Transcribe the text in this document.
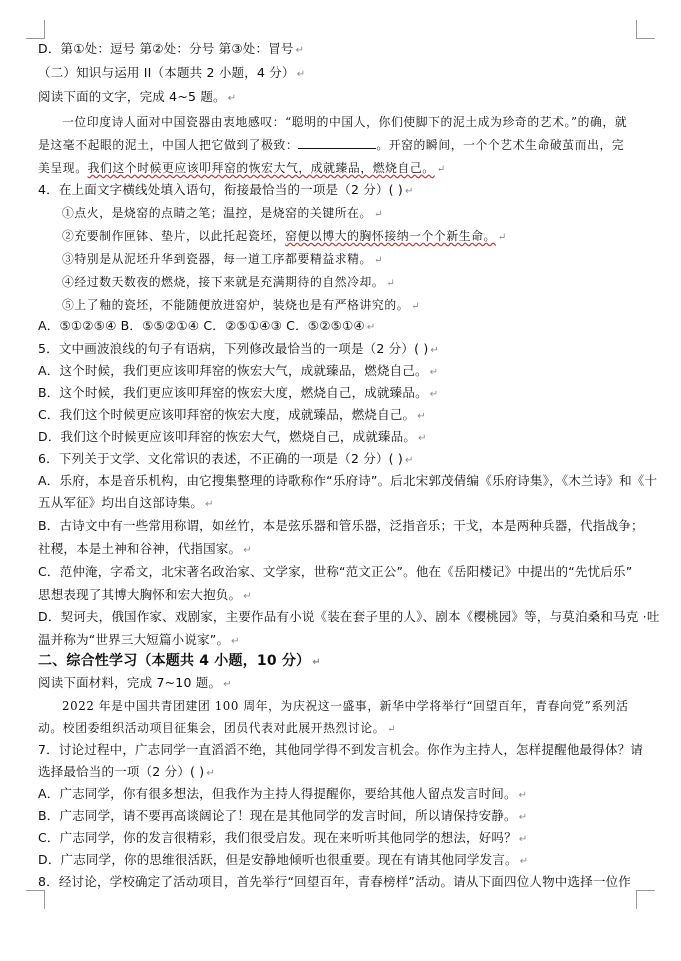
D．第①处：逗号 第②处：分号 第③处：冒号 ↵
（二）知识与运用 II（本题共 2 小题，4 分） ↵
阅读下面的文字，完成 4~5 题。 ↵
一位印度诗人面对中国瓷器由衷地感叹：“聪明的中国人，你们使脚下的泥土成为珍奇的艺术。”的确，就
是这毫不起眼的泥土，中国人把它做到了极致：	。开窑的瞬间，一个个艺术生命破茧而出，完
美呈现。我们这个时候更应该叩拜窑的恢宏大气，成就臻品，燃烧自己。 ↵
4．在上面文字横线处填入语句，衔接最恰当的一项是（2 分）( ) ↵
①点火，是烧窑的点睛之笔；温控，是烧窑的关键所在。 ↵
②充要制作匣钵、垫片，以此托起瓷坯，窑便以博大的胸怀接纳一个个新生命。 ↵
③特别是从泥坯升华到瓷器，每一道工序都要精益求精。 ↵
④经过数天数夜的燃烧，接下来就是充满期待的自然冷却。 ↵
⑤上了釉的瓷坯，不能随便放进窑炉，装烧也是有严格讲究的。 ↵
A．⑤①②⑤④ B．⑤⑤②①④ C．②⑤①④③ C．⑤②⑤①④ ↵
5．文中画波浪线的句子有语病，下列修改最恰当的一项是（2 分）( ) ↵
A．这个时候，我们更应该叩拜窑的恢宏大气，成就臻品，燃烧自己。 ↵
B．这个时候，我们更应该叩拜窑的恢宏大度，燃烧自己，成就臻品。 ↵
C．我们这个时候更应该叩拜窑的恢宏大度，成就臻品，燃烧自己。 ↵
D．我们这个时候更应该叩拜窑的恢宏大气，燃烧自己，成就臻品。 ↵
6．下列关于文学、文化常识的表述，不正确的一项是（2 分）( ) ↵
A．乐府，本是音乐机构，由它搜集整理的诗歌称作“乐府诗”。后北宋郭茂倩编《乐府诗集》，《木兰诗》和《十
五从军征》均出自这部诗集。 ↵
B．古诗文中有一些常用称谓，如丝竹，本是弦乐器和管乐器，泛指音乐；干戈，本是两种兵器，代指战争；
社稷，本是土神和谷神，代指国家。 ↵
C．范仲淹，字希文，北宋著名政治家、文学家，世称“范文正公”。他在《岳阳楼记》中提出的“先忧后乐”
思想表现了其博大胸怀和宏大抱负。 ↵
D．契诃夫，俄国作家、戏剧家，主要作品有小说《装在套子里的人》、剧本《樱桃园》等，与莫泊桑和马克 ·吐
温并称为“世界三大短篇小说家”。 ↵
二、综合性学习（本题共 4 小题，10 分） ↵
阅读下面材料，完成 7~10 题。 ↵
2022 年是中国共青团建团 100 周年，为庆祝这一盛事，新华中学将举行“回望百年，青春向党”系列活
动。校团委组织活动项目征集会，团员代表对此展开热烈讨论。 ↵
7．讨论过程中，广志同学一直滔滔不绝，其他同学得不到发言机会。你作为主持人，怎样提醒他最得体？请
选择最恰当的一项（2 分）( ) ↵
A．广志同学，你有很多想法，但我作为主持人得提醒你，要给其他人留点发言时间。 ↵
B．广志同学，请不要再高谈阔论了！现在是其他同学的发言时间，所以请保持安静。 ↵
C．广志同学，你的发言很精彩，我们很受启发。现在来听听其他同学的想法，好吗？ ↵
D．广志同学，你的思维很活跃，但是安静地倾听也很重要。现在有请其他同学发言。 ↵
8．经讨论，学校确定了活动项目，首先举行“回望百年，青春榜样”活动。请从下面四位人物中选择一位作
